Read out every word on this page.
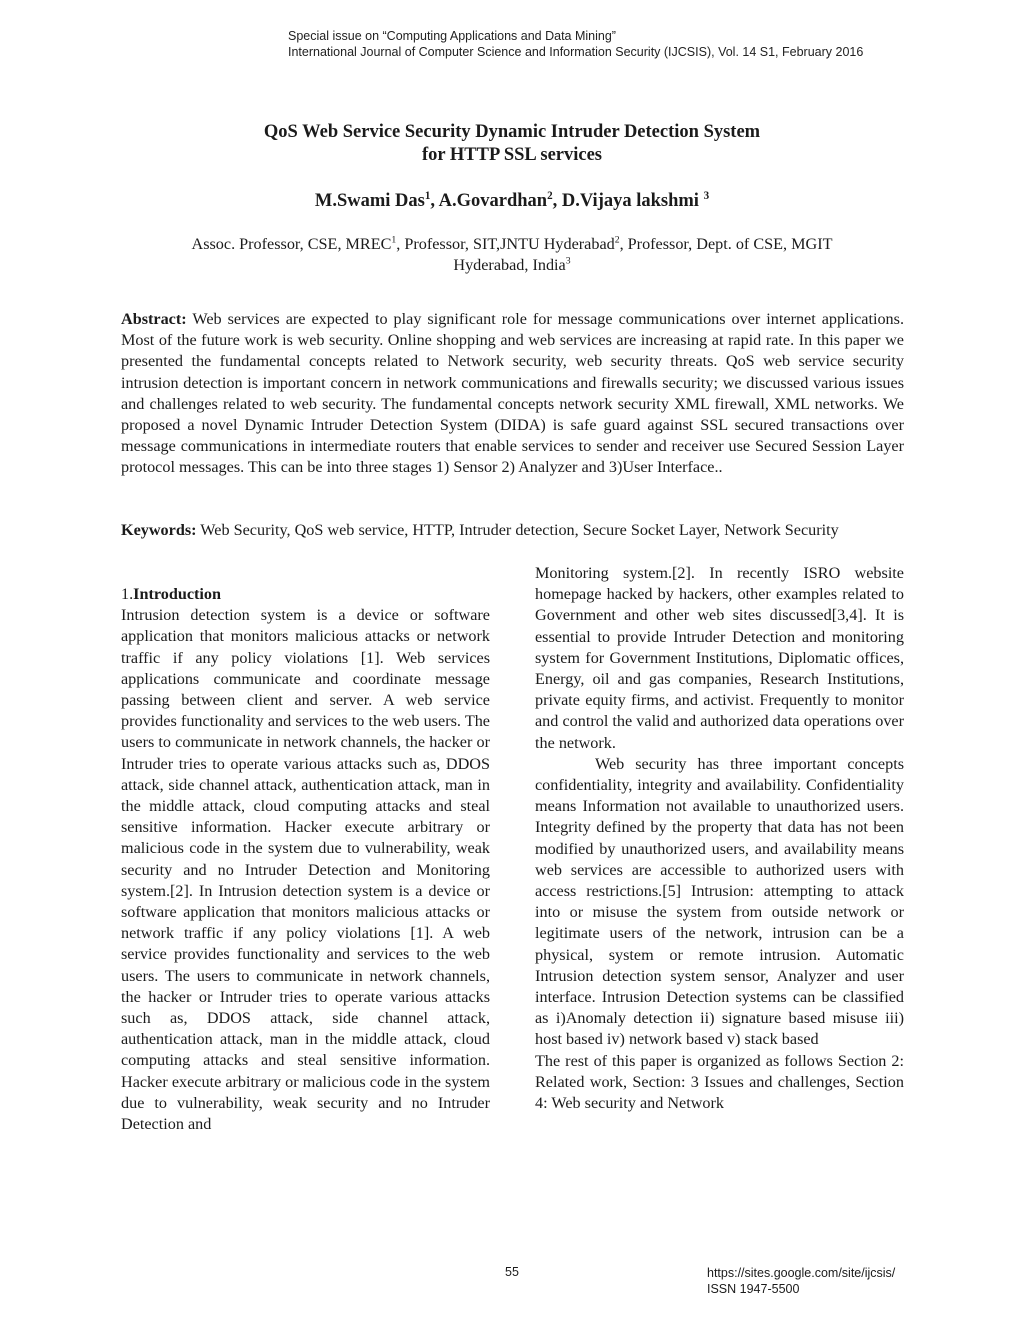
Special issue on “Computing Applications and Data Mining”
International Journal of Computer Science and Information Security (IJCSIS), Vol. 14 S1, February 2016
QoS Web Service Security Dynamic Intruder Detection System
for HTTP SSL services
M.Swami Das$^1$, A.Govardhan$^2$, D.Vijaya lakshmi $^3$
Assoc. Professor, CSE, MREC$^1$, Professor, SIT,JNTU Hyderabad$^2$, Professor, Dept. of CSE, MGIT
Hyderabad, India$^3$
Abstract: Web services are expected to play significant role for message communications over internet applications. Most of the future work is web security. Online shopping and web services are increasing at rapid rate. In this paper we presented the fundamental concepts related to Network security, web security threats. QoS web service security intrusion detection is important concern in network communications and firewalls security; we discussed various issues and challenges related to web security. The fundamental concepts network security XML firewall, XML networks. We proposed a novel Dynamic Intruder Detection System (DIDA) is safe guard against SSL secured transactions over message communications in intermediate routers that enable services to sender and receiver use Secured Session Layer protocol messages. This can be into three stages 1) Sensor 2) Analyzer and 3)User Interface..
Keywords: Web Security, QoS web service, HTTP, Intruder detection, Secure Socket Layer, Network Security
1.Introduction

Intrusion detection system is a device or software application that monitors malicious attacks or network traffic if any policy violations [1]. Web services applications communicate and coordinate message passing between client and server. A web service provides functionality and services to the web users. The users to communicate in network channels, the hacker or Intruder tries to operate various attacks such as, DDOS attack, side channel attack, authentication attack, man in the middle attack, cloud computing attacks and steal sensitive information. Hacker execute arbitrary or malicious code in the system due to vulnerability, weak security and no Intruder Detection and Monitoring system.[2]. In Intrusion detection system is a device or software application that monitors malicious attacks or network traffic if any policy violations [1]. A web service provides functionality and services to the web users. The users to communicate in network channels, the hacker or Intruder tries to operate various attacks such as, DDOS attack, side channel attack, authentication attack, man in the middle attack, cloud computing attacks and steal sensitive information. Hacker execute arbitrary or malicious code in the system due to vulnerability, weak security and no Intruder Detection and

Monitoring system.[2]. In recently ISRO website homepage hacked by hackers, other examples related to Government and other web sites discussed[3,4]. It is essential to provide Intruder Detection and monitoring system for Government Institutions, Diplomatic offices, Energy, oil and gas companies, Research Institutions, private equity firms, and activist. Frequently to monitor and control the valid and authorized data operations over the network.

Web security has three important concepts confidentiality, integrity and availability. Confidentiality means Information not available to unauthorized users. Integrity defined by the property that data has not been modified by unauthorized users, and availability means web services are accessible to authorized users with access restrictions.[5] Intrusion: attempting to attack into or misuse the system from outside network or legitimate users of the network, intrusion can be a physical, system or remote intrusion. Automatic Intrusion detection system sensor, Analyzer and user interface. Intrusion Detection systems can be classified as i)Anomaly detection ii) signature based misuse iii) host based iv) network based v) stack based

The rest of this paper is organized as follows Section 2: Related work, Section: 3 Issues and challenges, Section 4: Web security and Network

55	https://sites.google.com/site/ijcsis/
ISSN 1947-5500
